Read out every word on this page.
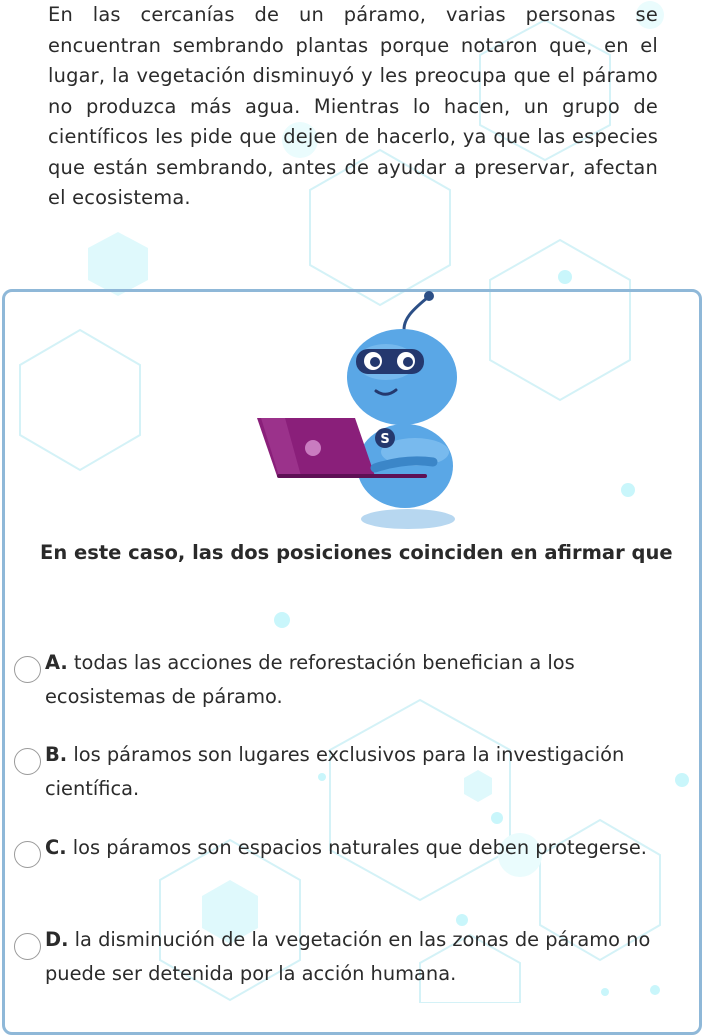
En las cercanías de un páramo, varias personas se encuentran sembrando plantas porque notaron que, en el lugar, la vegetación disminuyó y les preocupa que el páramo no produzca más agua. Mientras lo hacen, un grupo de científicos les pide que dejen de hacerlo, ya que las especies que están sembrando, antes de ayudar a preservar, afectan el ecosistema.
S
En este caso, las dos posiciones coinciden en afirmar que
A. todas las acciones de reforestación benefician a los ecosistemas de páramo.
B. los páramos son lugares exclusivos para la investigación científica.
C. los páramos son espacios naturales que deben protegerse.
D. la disminución de la vegetación en las zonas de páramo no puede ser detenida por la acción humana.
